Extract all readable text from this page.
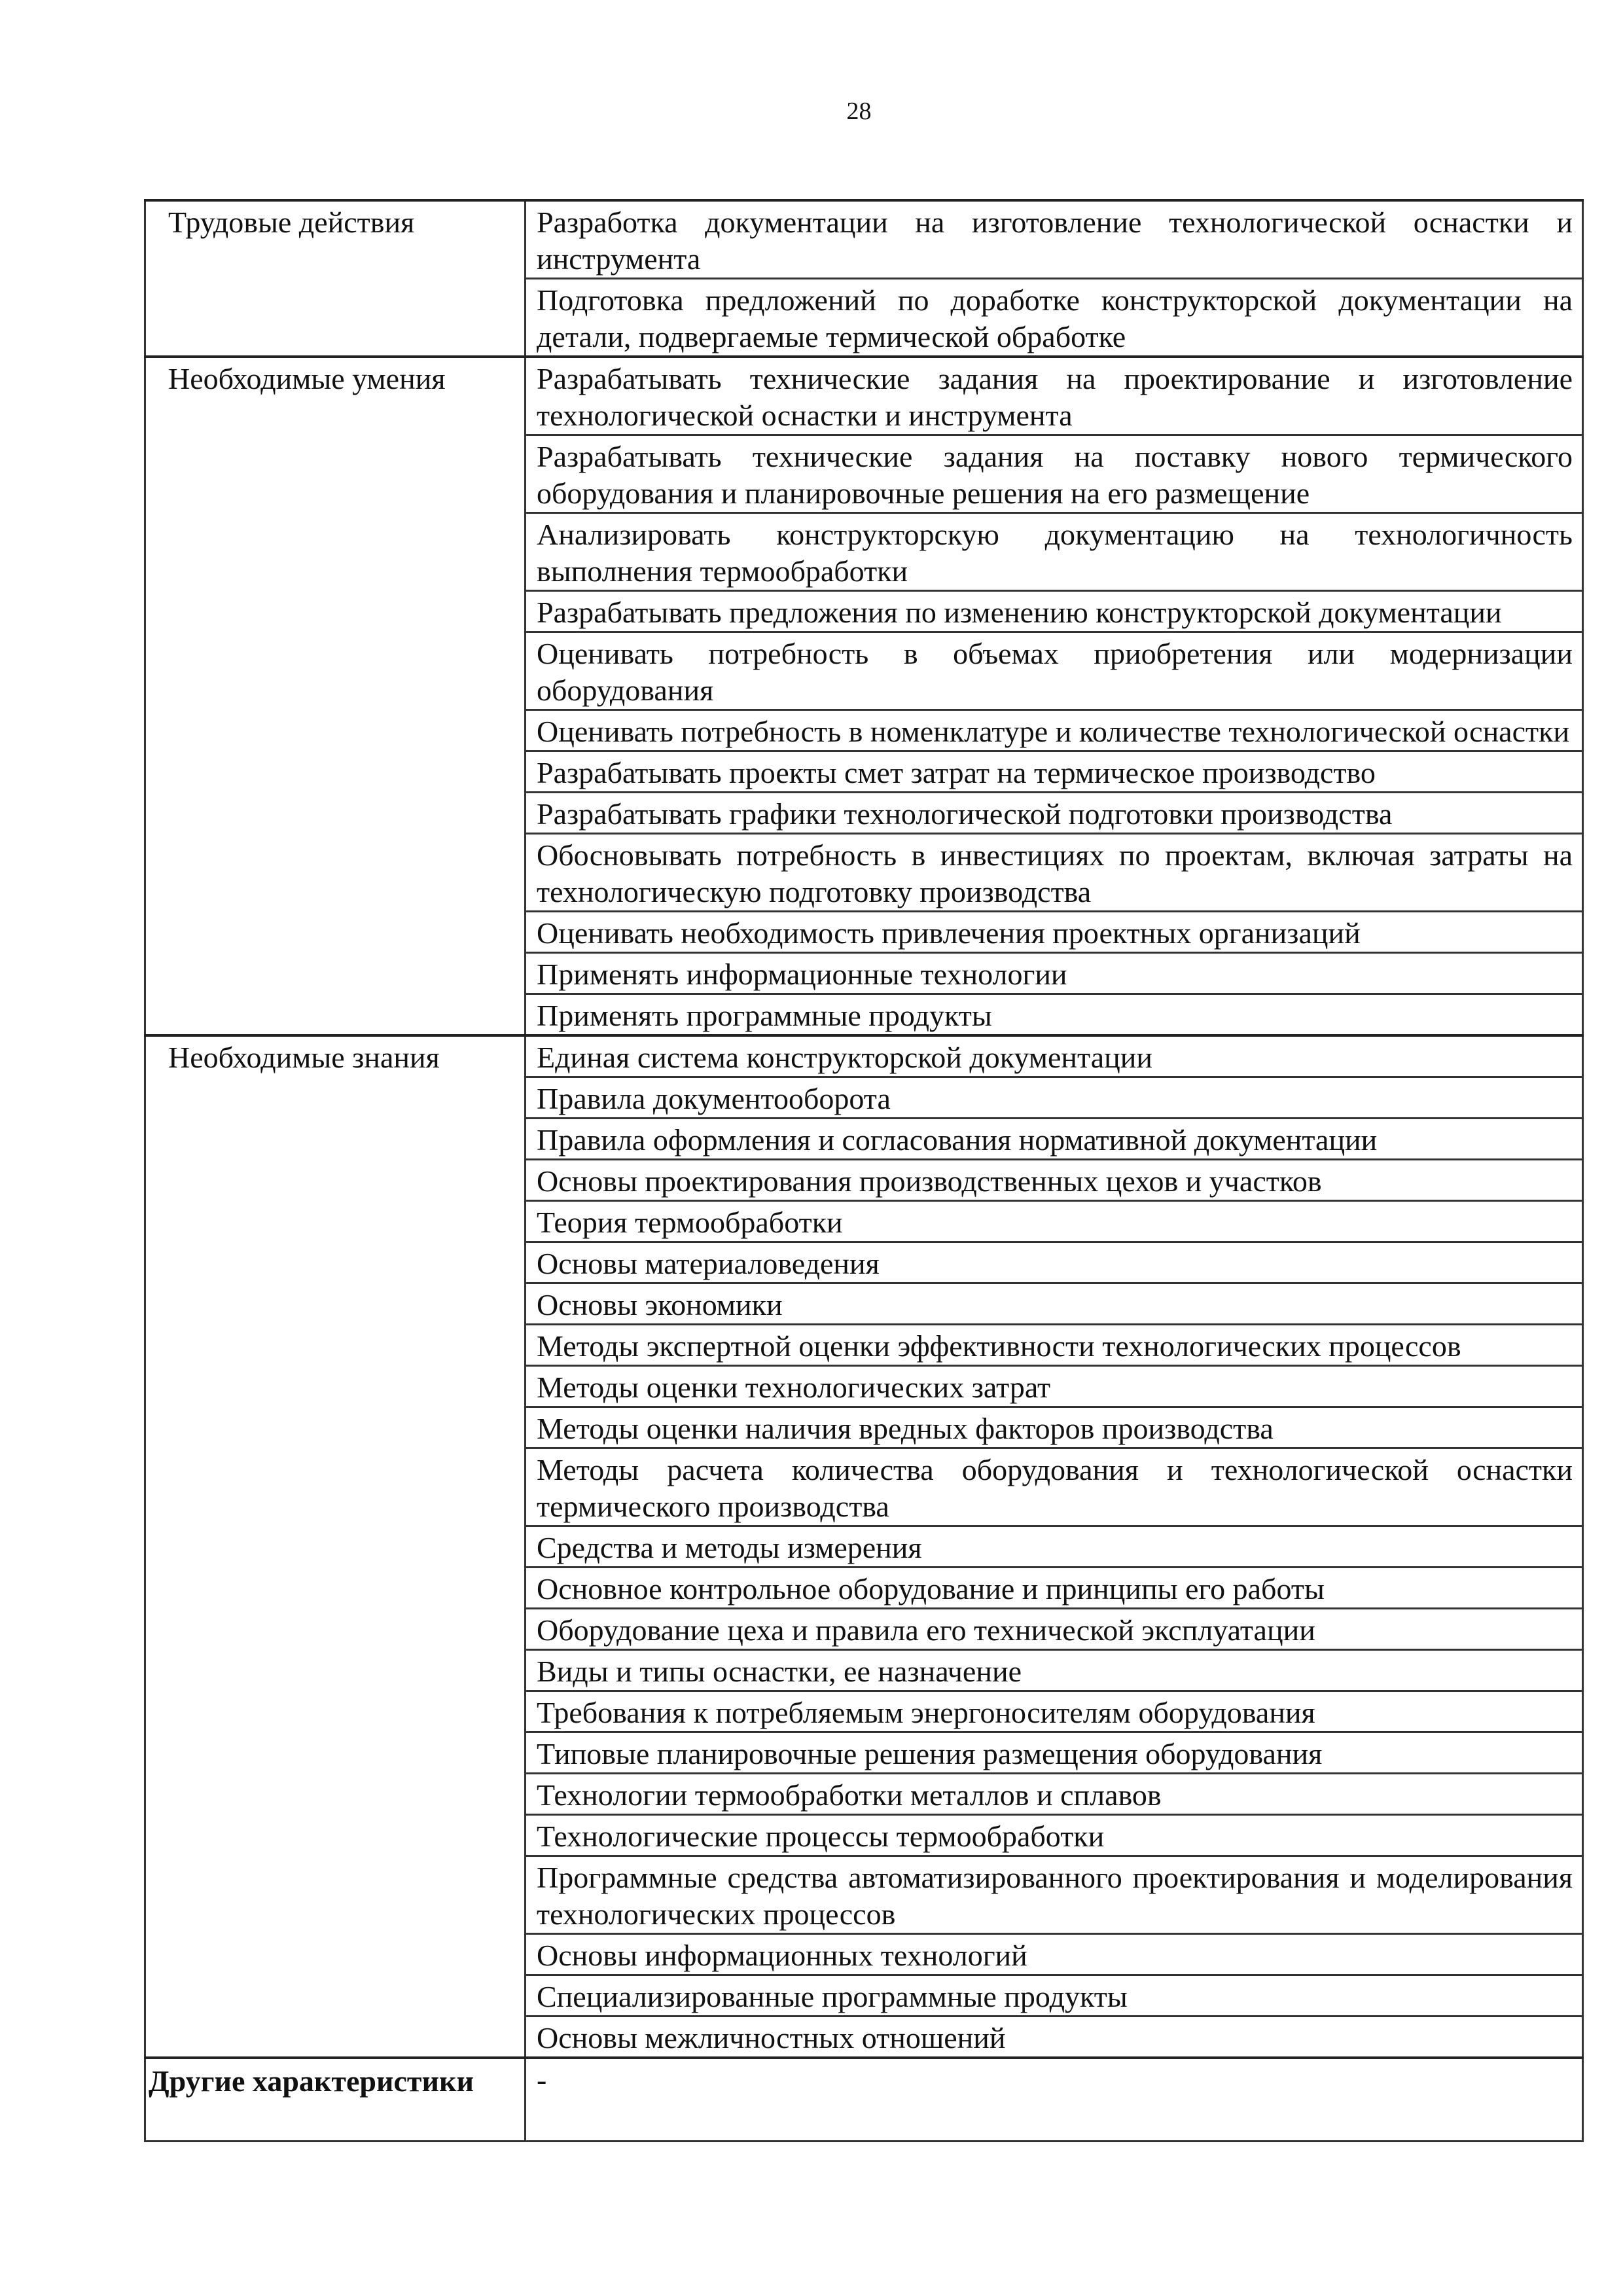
28
Трудовые действия	Разработка документации на изготовление технологической оснастки и инструмента
	Подготовка предложений по доработке конструкторской документации на детали, подвергаемые термической обработке
Необходимые умения	Разрабатывать технические задания на проектирование и изготовление технологической оснастки и инструмента
	Разрабатывать технические задания на поставку нового термического оборудования и планировочные решения на его размещение
	Анализировать конструкторскую документацию на технологичность выполнения термообработки
	Разрабатывать предложения по изменению конструкторской документации
	Оценивать потребность в объемах приобретения или модернизации оборудования
	Оценивать потребность в номенклатуре и количестве технологической оснастки
	Разрабатывать проекты смет затрат на термическое производство
	Разрабатывать графики технологической подготовки производства
	Обосновывать потребность в инвестициях по проектам, включая затраты на технологическую подготовку производства
	Оценивать необходимость привлечения проектных организаций
	Применять информационные технологии
	Применять программные продукты
Необходимые знания	Единая система конструкторской документации
	Правила документооборота
	Правила оформления и согласования нормативной документации
	Основы проектирования производственных цехов и участков
	Теория термообработки
	Основы материаловедения
	Основы экономики
	Методы экспертной оценки эффективности технологических процессов
	Методы оценки технологических затрат
	Методы оценки наличия вредных факторов производства
	Методы расчета количества оборудования и технологической оснастки термического производства
	Средства и методы измерения
	Основное контрольное оборудование и принципы его работы
	Оборудование цеха и правила его технической эксплуатации
	Виды и типы оснастки, ее назначение
	Требования к потребляемым энергоносителям оборудования
	Типовые планировочные решения размещения оборудования
	Технологии термообработки металлов и сплавов
	Технологические процессы термообработки
	Программные средства автоматизированного проектирования и моделирования технологических процессов
	Основы информационных технологий
	Специализированные программные продукты
	Основы межличностных отношений
Другие характеристики	-
